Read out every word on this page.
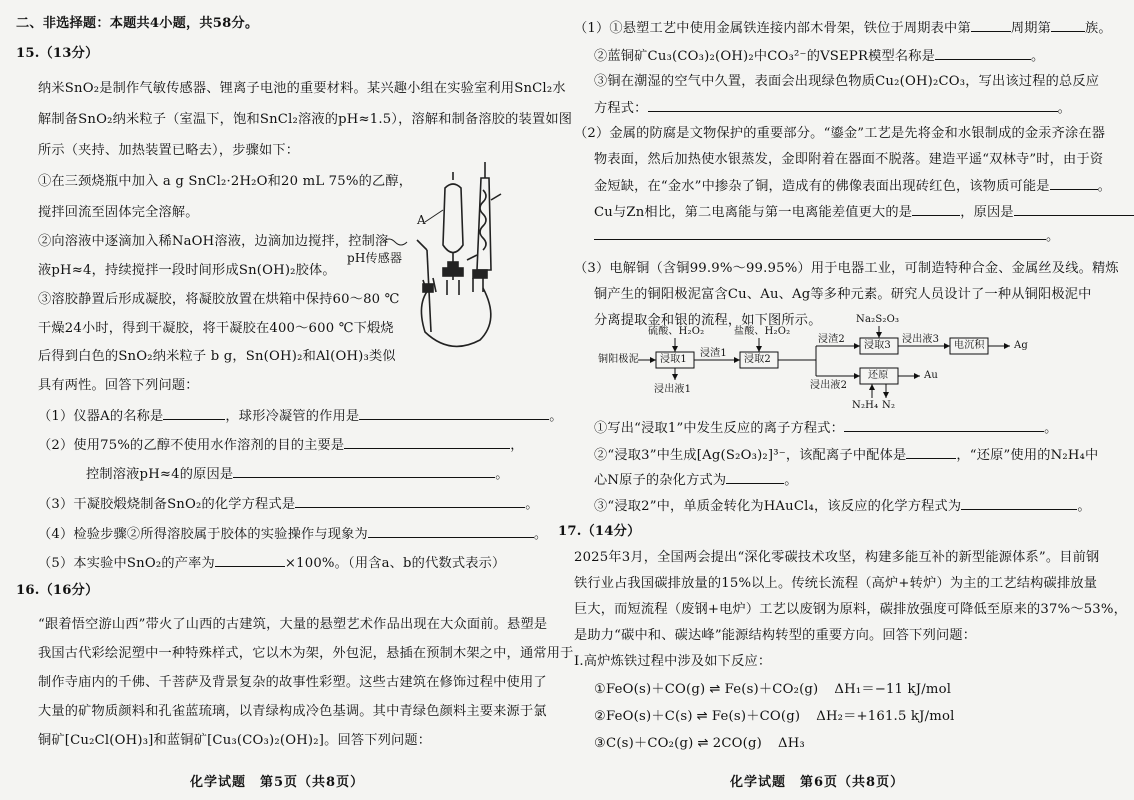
二、非选择题：本题共4小题，共58分。
15.（13分）
纳米SnO₂是制作气敏传感器、锂离子电池的重要材料。某兴趣小组在实验室利用SnCl₂水
解制备SnO₂纳米粒子（室温下，饱和SnCl₂溶液的pH≈1.5），溶解和制备溶胶的装置如图
所示（夹持、加热装置已略去），步骤如下：
①在三颈烧瓶中加入 a g SnCl₂·2H₂O和20 mL 75%的乙醇，
搅拌回流至固体完全溶解。
②向溶液中逐滴加入稀NaOH溶液，边滴加边搅拌，控制溶
液pH≈4，持续搅拌一段时间形成Sn(OH)₂胶体。
③溶胶静置后形成凝胶，将凝胶放置在烘箱中保持60～80 ℃
干燥24小时，得到干凝胶，将干凝胶在400～600 ℃下煅烧
后得到白色的SnO₂纳米粒子 b g，Sn(OH)₂和Al(OH)₃类似
具有两性。回答下列问题：
A
pH传感器
（1）仪器A的名称是	，球形冷凝管的作用是	。
（2）使用75%的乙醇不使用水作溶剂的目的主要是	，
控制溶液pH≈4的原因是	。
（3）干凝胶煅烧制备SnO₂的化学方程式是	。
（4）检验步骤②所得溶胶属于胶体的实验操作与现象为	。
（5）本实验中SnO₂的产率为	×100%。（用含a、b的代数式表示）
16.（16分）
“跟着悟空游山西”带火了山西的古建筑，大量的悬塑艺术作品出现在大众面前。悬塑是
我国古代彩绘泥塑中一种特殊样式，它以木为架，外包泥，悬插在预制木架之中，通常用于
制作寺庙内的千佛、千菩萨及背景复杂的故事性彩塑。这些古建筑在修饰过程中使用了
大量的矿物质颜料和孔雀蓝琉璃，以青绿构成冷色基调。其中青绿色颜料主要来源于氯
铜矿[Cu₂Cl(OH)₃]和蓝铜矿[Cu₃(CO₃)₂(OH)₂]。回答下列问题：
化学试题　第5页（共8页）
（1）①悬塑工艺中使用金属铁连接内部木骨架，铁位于周期表中第	周期第	族。
②蓝铜矿Cu₃(CO₃)₂(OH)₂中CO₃²⁻的VSEPR模型名称是	。
③铜在潮湿的空气中久置，表面会出现绿色物质Cu₂(OH)₂CO₃，写出该过程的总反应
方程式：	。
（2）金属的防腐是文物保护的重要部分。“鎏金”工艺是先将金和水银制成的金汞齐涂在器
物表面，然后加热使水银蒸发，金即附着在器面不脱落。建造平遥“双林寺”时，由于资
金短缺，在“金水”中掺杂了铜，造成有的佛像表面出现砖红色，该物质可能是	。
Cu与Zn相比，第二电离能与第一电离能差值更大的是	，原因是
。
（3）电解铜（含铜99.9%～99.95%）用于电器工业，可制造特种合金、金属丝及线。精炼
铜产生的铜阳极泥富含Cu、Au、Ag等多种元素。研究人员设计了一种从铜阳极泥中
分离提取金和银的流程，如下图所示。
铜阳极泥 浸取1	浸取2
浸取3	电沉积
还原
硫酸、H₂O₂	盐酸、H₂O₂
Na₂S₂O₃
浸渣1
浸渣2
浸出液1	浸出液2
浸出液3
Ag
Au
N₂H₄ N₂
①写出“浸取1”中发生反应的离子方程式：	。
②“浸取3”中生成[Ag(S₂O₃)₂]³⁻，该配离子中配体是	，“还原”使用的N₂H₄中
心N原子的杂化方式为	。
③“浸取2”中，单质金转化为HAuCl₄，该反应的化学方程式为	。
17.（14分）
2025年3月，全国两会提出“深化零碳技术攻坚，构建多能互补的新型能源体系”。目前钢
铁行业占我国碳排放量的15%以上。传统长流程（高炉+转炉）为主的工艺结构碳排放量
巨大，而短流程（废钢+电炉）工艺以废钢为原料，碳排放强度可降低至原来的37%～53%，
是助力“碳中和、碳达峰”能源结构转型的重要方向。回答下列问题：
Ⅰ.高炉炼铁过程中涉及如下反应：
①FeO(s)＋CO(g) ⇌ Fe(s)＋CO₂(g) ΔH₁＝−11 kJ/mol
②FeO(s)＋C(s) ⇌ Fe(s)＋CO(g) ΔH₂＝+161.5 kJ/mol
③C(s)＋CO₂(g) ⇌ 2CO(g) ΔH₃
化学试题　第6页（共8页）
